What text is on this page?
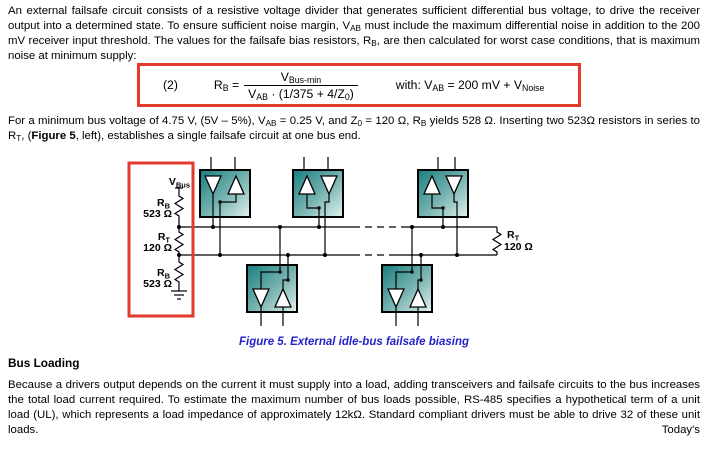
An external failsafe circuit consists of a resistive voltage divider that generates sufficient differential bus voltage, to drive the receiver output into a determined state. To ensure sufficient noise margin, $V_{AB}$ must include the maximum differential noise in addition to the 200 mV receiver input threshold. The values for the failsafe bias resistors, $R_B$, are then calculated for worst case conditions, that is maximum noise at minimum supply:

(2)	$R_B = \frac{V_{Bus-min}}{V_{AB} \cdot (1/375 + 4/Z_0)}$	with: $V_{AB} = 200$ mV + $V_{Noise}$

For a minimum bus voltage of 4.75 V, (5V – 5%), $V_{AB} = 0.25$ V, and $Z_0 = 120$ Ω, $R_B$ yields 528 Ω. Inserting two 523Ω resistors in series to $R_T$, (Figure 5, left), establishes a single failsafe circuit at one bus end.

$V_{Bus}$
$R_B$
523 Ω
$R_T$
120 Ω
$R_B$
523 Ω
$R_T$
120 Ω
Figure 5. External idle-bus failsafe biasing
Bus Loading

Because a drivers output depends on the current it must supply into a load, adding transceivers and failsafe circuits to the bus increases the total load current required. To estimate the maximum number of bus loads possible, RS-485 specifies a hypothetical term of a unit load (UL), which represents a load impedance of approximately 12kΩ. Standard compliant drivers must be able to drive 32 of these unit loads. Today's
